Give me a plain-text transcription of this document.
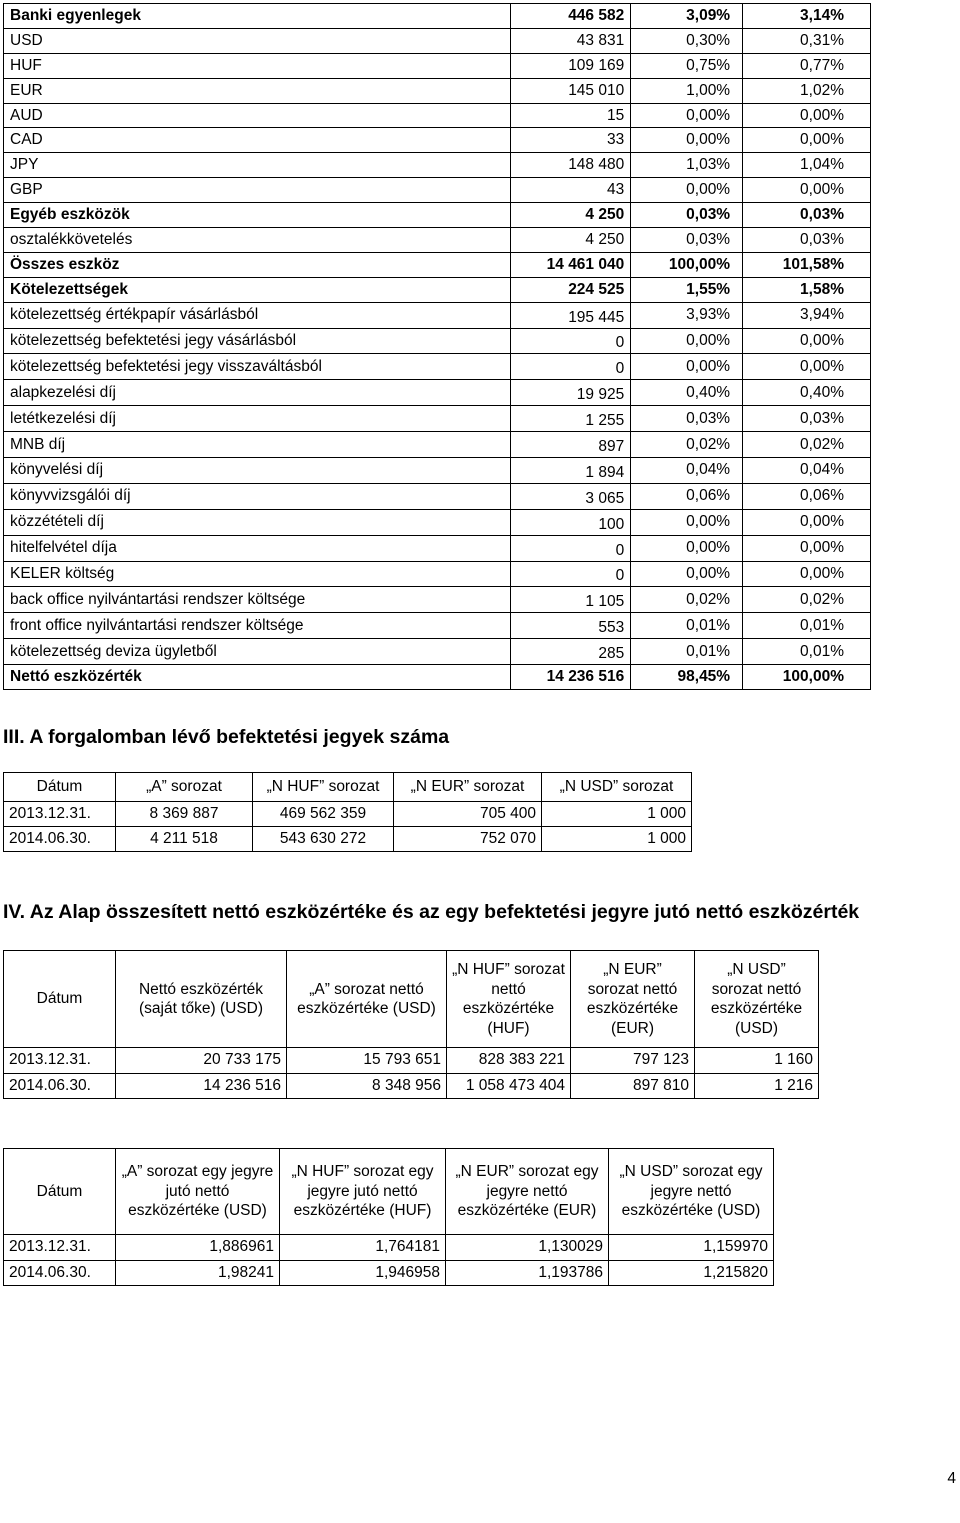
Banki egyenlegek	446 582	3,09%	3,14%
USD	43 831	0,30%	0,31%
HUF	109 169	0,75%	0,77%
EUR	145 010	1,00%	1,02%
AUD	15	0,00%	0,00%
CAD	33	0,00%	0,00%
JPY	148 480	1,03%	1,04%
GBP	43	0,00%	0,00%
Egyéb eszközök	4 250	0,03%	0,03%
osztalékkövetelés	4 250	0,03%	0,03%
Összes eszköz	14 461 040	100,00%	101,58%
Kötelezettségek	224 525	1,55%	1,58%
kötelezettség értékpapír vásárlásból	195 445	3,93%	3,94%
kötelezettség befektetési jegy vásárlásból	0	0,00%	0,00%
kötelezettség befektetési jegy visszaváltásból	0	0,00%	0,00%
alapkezelési díj	19 925	0,40%	0,40%
letétkezelési díj	1 255	0,03%	0,03%
MNB díj	897	0,02%	0,02%
könyvelési díj	1 894	0,04%	0,04%
könyvvizsgálói díj	3 065	0,06%	0,06%
közzétételi díj	100	0,00%	0,00%
hitelfelvétel díja	0	0,00%	0,00%
KELER költség	0	0,00%	0,00%
back office nyilvántartási rendszer költsége	1 105	0,02%	0,02%
front office nyilvántartási rendszer költsége	553	0,01%	0,01%
kötelezettség deviza ügyletből	285	0,01%	0,01%
Nettó eszközérték	14 236 516	98,45%	100,00%
III. A forgalomban lévő befektetési jegyek száma
Dátum	„A” sorozat	„N HUF” sorozat	„N EUR” sorozat	„N USD” sorozat
2013.12.31.	8 369 887	469 562 359	705 400	1 000
2014.06.30.	4 211 518	543 630 272	752 070	1 000
IV. Az Alap összesített nettó eszközértéke és az egy befektetési jegyre jutó nettó eszközérték
Dátum	Nettó eszközérték (saját tőke) (USD)	„A” sorozat nettó eszközértéke (USD)	„N HUF” sorozat nettó eszközértéke (HUF)	„N EUR” sorozat nettó eszközértéke (EUR)	„N USD” sorozat nettó eszközértéke (USD)
2013.12.31.	20 733 175	15 793 651	828 383 221	797 123	1 160
2014.06.30.	14 236 516	8 348 956	1 058 473 404	897 810	1 216
Dátum	„A” sorozat egy jegyre jutó nettó eszközértéke (USD)	„N HUF” sorozat egy jegyre jutó nettó eszközértéke (HUF)	„N EUR” sorozat egy jegyre nettó eszközértéke (EUR)	„N USD” sorozat egy jegyre nettó eszközértéke (USD)
2013.12.31.	1,886961	1,764181	1,130029	1,159970
2014.06.30.	1,98241	1,946958	1,193786	1,215820
4
